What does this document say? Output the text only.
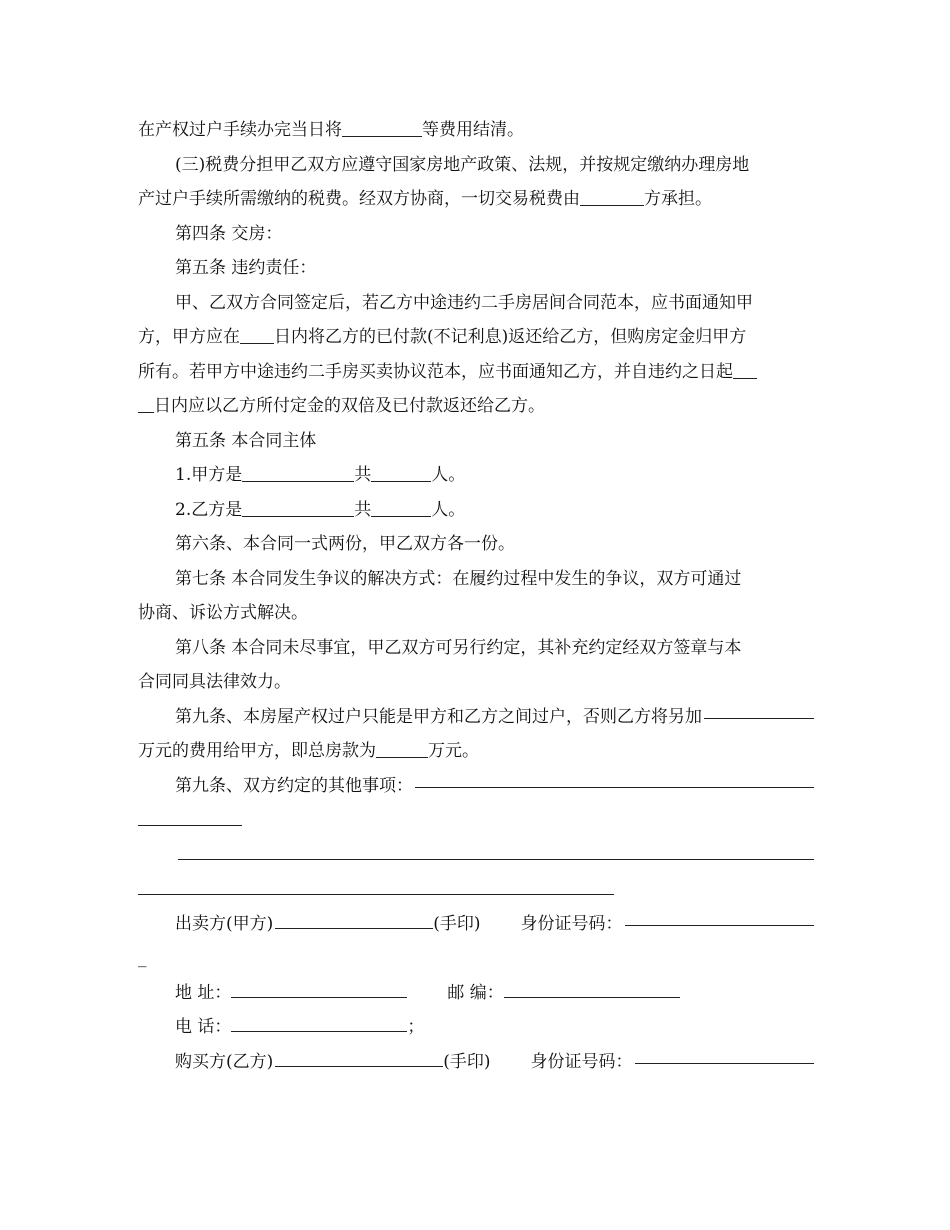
在产权过户手续办完当日将	等费用结清。

(三)税费分担甲乙双方应遵守国家房地产政策、法规，并按规定缴纳办理房地

产过户手续所需缴纳的税费。经双方协商，一切交易税费由	方承担。

第四条 交房：

第五条 违约责任：

甲、乙双方合同签定后，若乙方中途违约二手房居间合同范本，应书面通知甲

方，甲方应在 日内将乙方的已付款(不记利息)返还给乙方，但购房定金归甲方

所有。若甲方中途违约二手房买卖协议范本，应书面通知乙方，并自违约之日起

日内应以乙方所付定金的双倍及已付款返还给乙方。

第五条 本合同主体

1.甲方是	共	人。

2.乙方是	共	人。

第六条、本合同一式两份，甲乙双方各一份。

第七条 本合同发生争议的解决方式：在履约过程中发生的争议，双方可通过

协商、诉讼方式解决。

第八条 本合同未尽事宜，甲乙双方可另行约定，其补充约定经双方签章与本

合同同具法律效力。

第九条、本房屋产权过户只能是甲方和乙方之间过户，否则乙方将另加

万元的费用给甲方，即总房款为	万元。

第九条、双方约定的其他事项：
出卖方(甲方)	(手印) 身份证号码：

_

地 址：	邮 编：
电 话：	；
购买方(乙方)	(手印) 身份证号码：
